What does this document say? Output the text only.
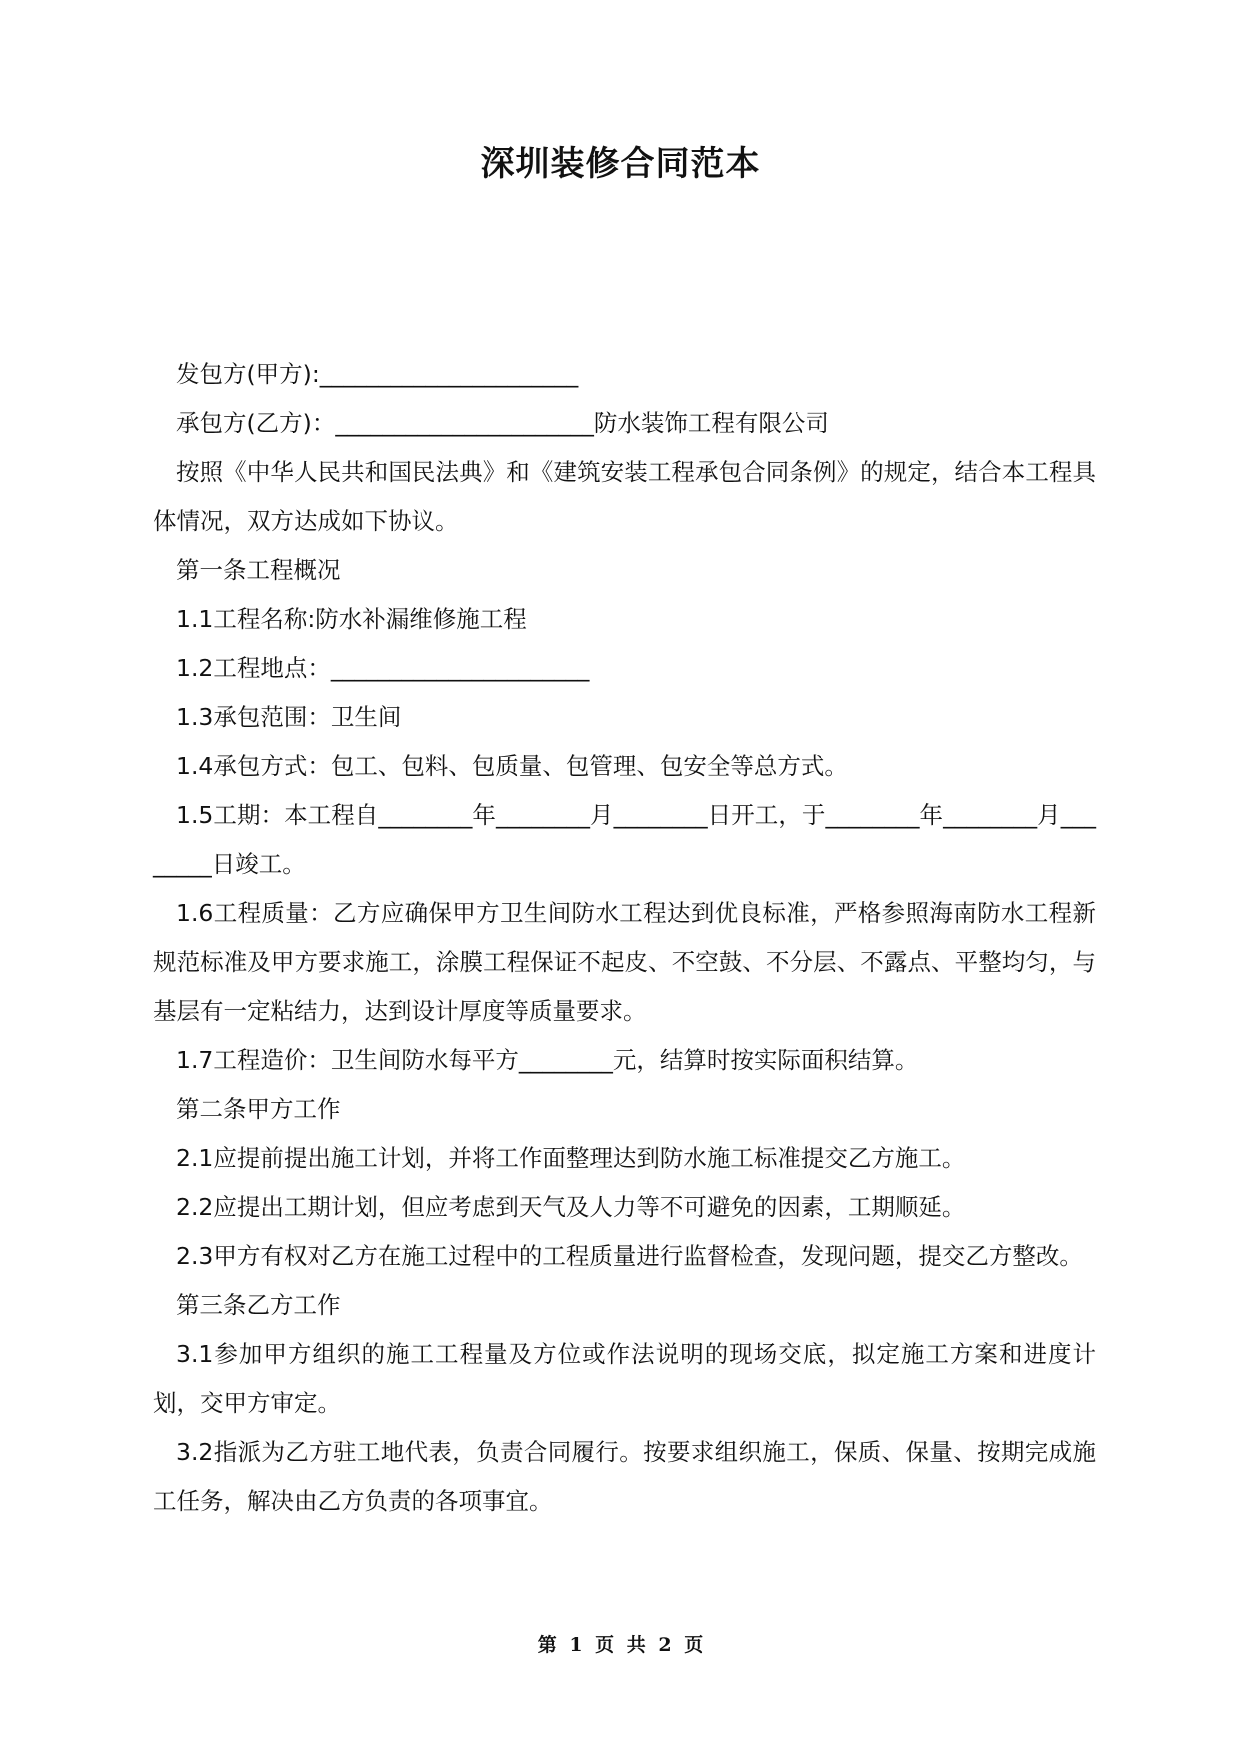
深圳装修合同范本

发包方(甲方):______________________

承包方(乙方)：______________________防水装饰工程有限公司

按照《中华人民共和国民法典》和《建筑安装工程承包合同条例》的规定，结合本工程具体情况，双方达成如下协议。

第一条工程概况

1.1工程名称:防水补漏维修施工程

1.2工程地点：______________________

1.3承包范围：卫生间

1.4承包方式：包工、包料、包质量、包管理、包安全等总方式。

1.5工期：本工程自________年________月________日开工，于________年________月________日竣工。

1.6工程质量：乙方应确保甲方卫生间防水工程达到优良标准，严格参照海南防水工程新规范标准及甲方要求施工，涂膜工程保证不起皮、不空鼓、不分层、不露点、平整均匀，与基层有一定粘结力，达到设计厚度等质量要求。

1.7工程造价：卫生间防水每平方________元，结算时按实际面积结算。

第二条甲方工作

2.1应提前提出施工计划，并将工作面整理达到防水施工标准提交乙方施工。

2.2应提出工期计划，但应考虑到天气及人力等不可避免的因素，工期顺延。

2.3甲方有权对乙方在施工过程中的工程质量进行监督检查，发现问题，提交乙方整改。

第三条乙方工作

3.1参加甲方组织的施工工程量及方位或作法说明的现场交底，拟定施工方案和进度计划，交甲方审定。

3.2指派为乙方驻工地代表，负责合同履行。按要求组织施工，保质、保量、按期完成施工任务，解决由乙方负责的各项事宜。

第 1 页 共 2 页
